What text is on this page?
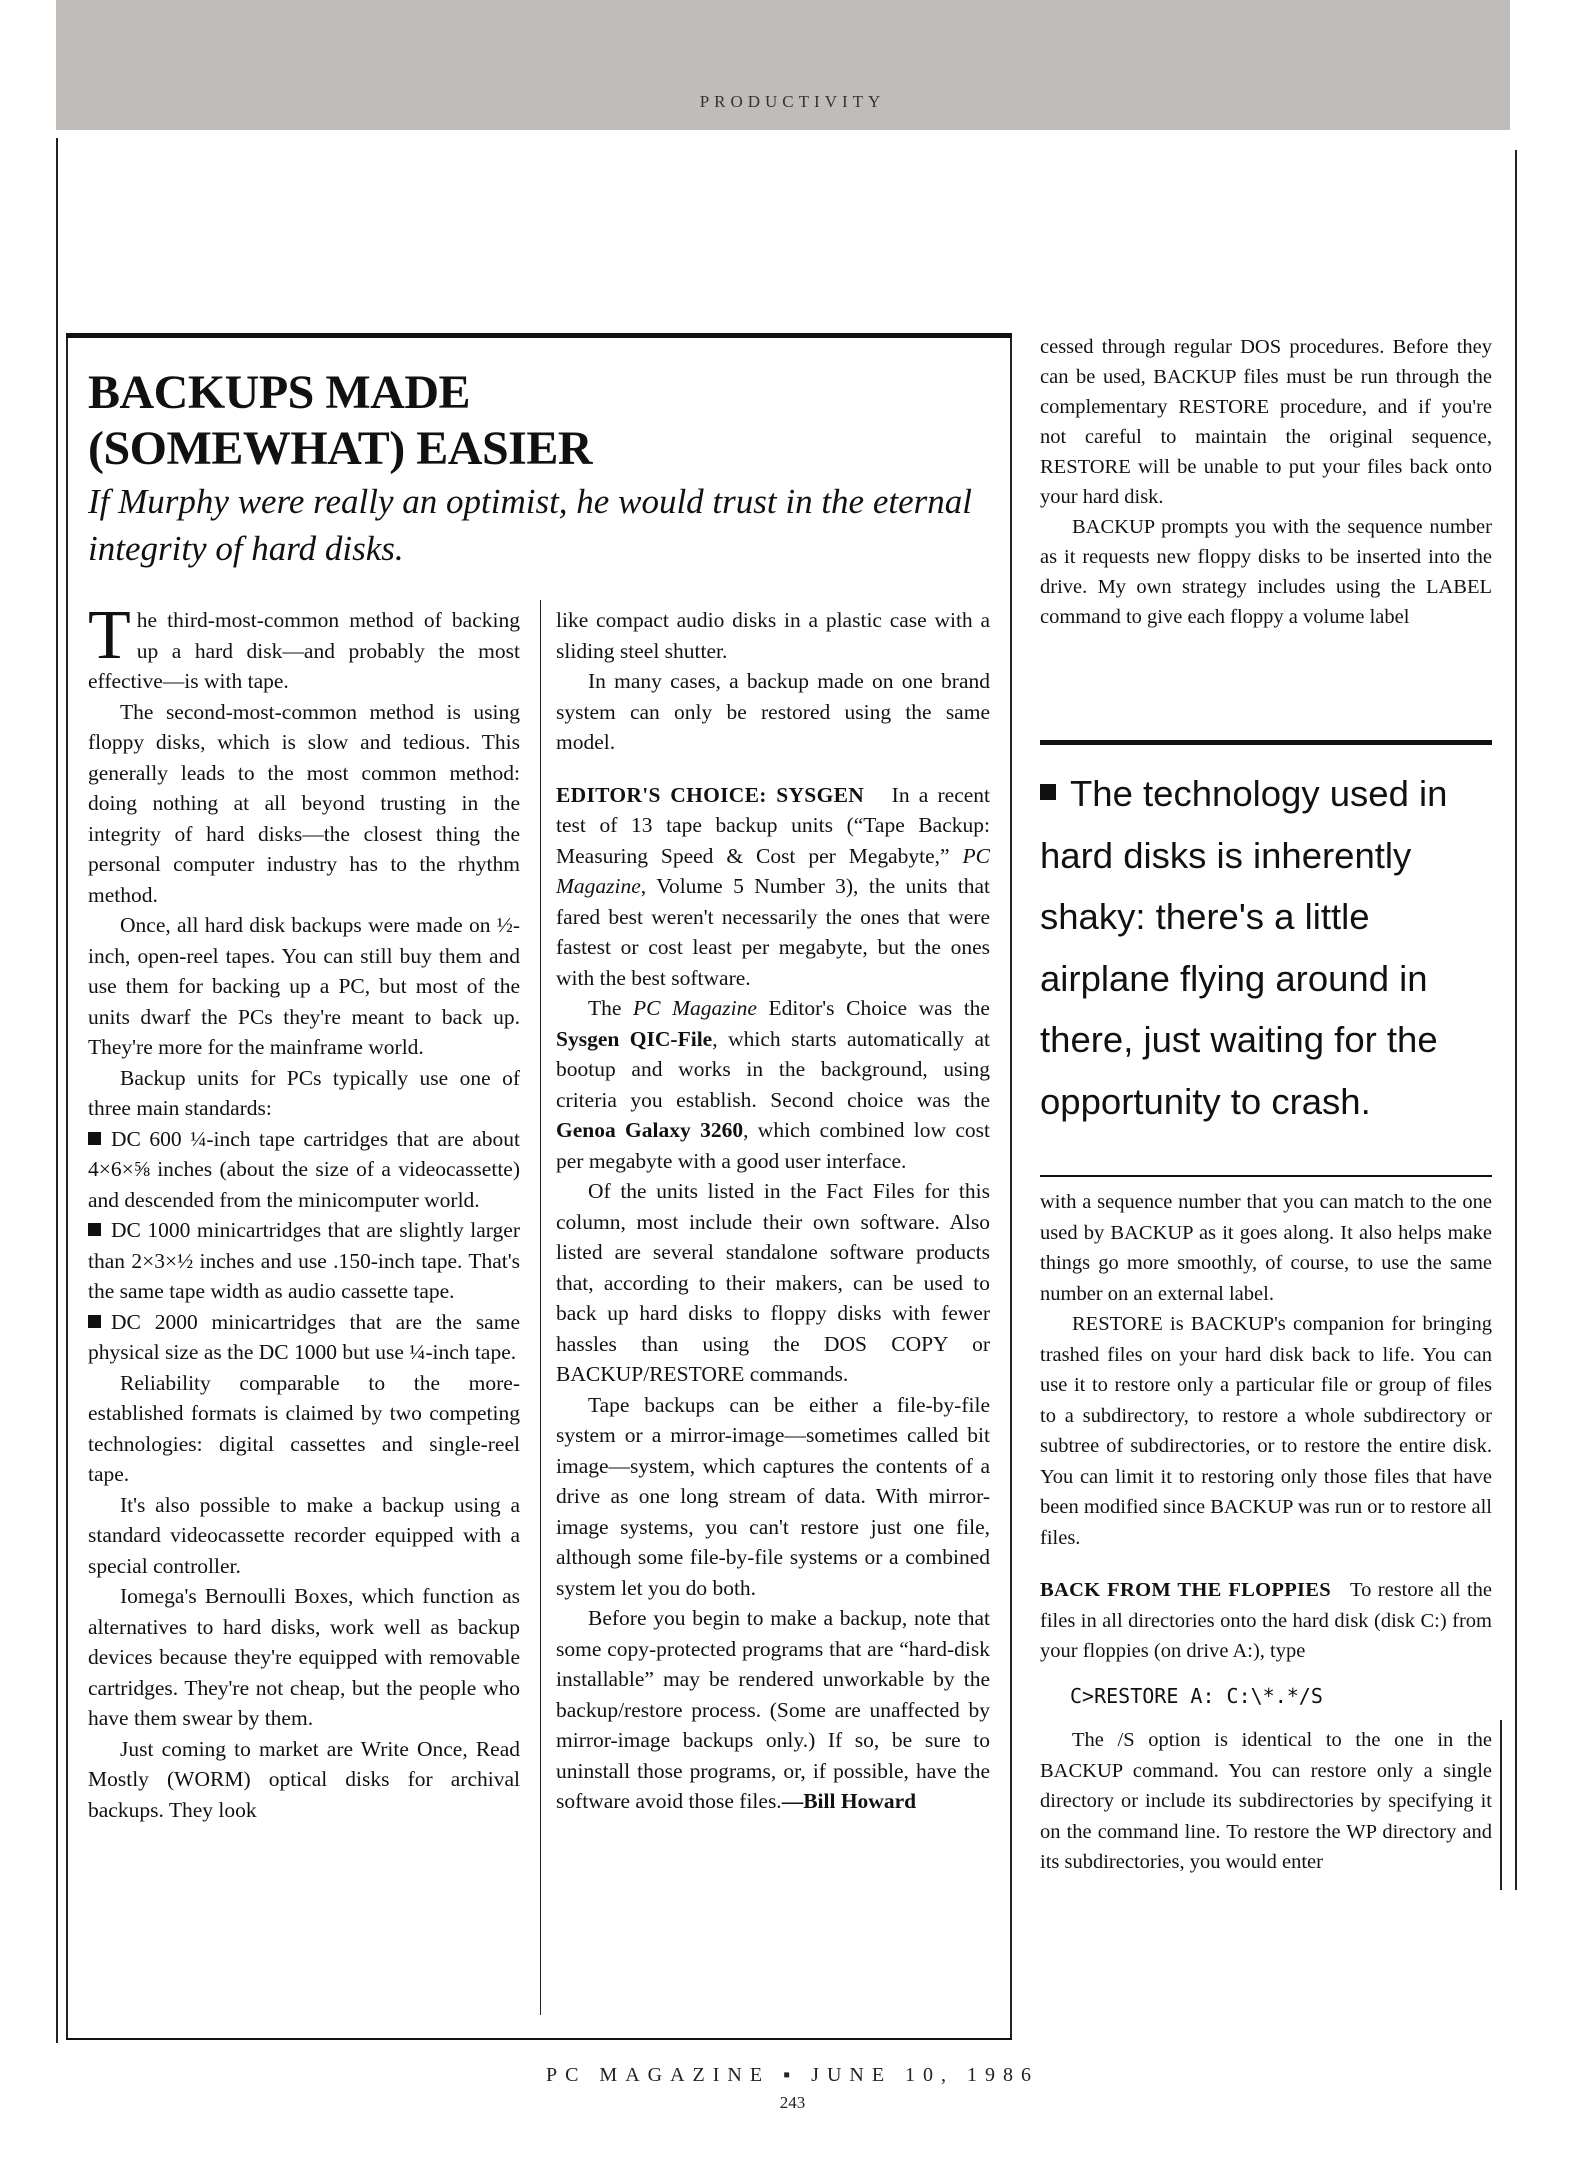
PRODUCTIVITY
BACKUPS MADE
(SOMEWHAT) EASIER
If Murphy were really an optimist, he would trust in the eternal integrity of hard disks.

The third-most-common method of backing up a hard disk—and probably the most effective—is with tape.

The second-most-common method is using floppy disks, which is slow and tedious. This generally leads to the most common method: doing nothing at all beyond trusting in the integrity of hard disks—the closest thing the personal computer industry has to the rhythm method.

Once, all hard disk backups were made on ½-inch, open-reel tapes. You can still buy them and use them for backing up a PC, but most of the units dwarf the PCs they're meant to back up. They're more for the mainframe world.

Backup units for PCs typically use one of three main standards:

DC 600 ¼-inch tape cartridges that are about 4×6×⅝ inches (about the size of a videocassette) and descended from the minicomputer world.

DC 1000 minicartridges that are slightly larger than 2×3×½ inches and use .150-inch tape. That's the same tape width as audio cassette tape.

DC 2000 minicartridges that are the same physical size as the DC 1000 but use ¼-inch tape.

Reliability comparable to the more-established formats is claimed by two competing technologies: digital cassettes and single-reel tape.

It's also possible to make a backup using a standard videocassette recorder equipped with a special controller.

Iomega's Bernoulli Boxes, which function as alternatives to hard disks, work well as backup devices because they're equipped with removable cartridges. They're not cheap, but the people who have them swear by them.

Just coming to market are Write Once, Read Mostly (WORM) optical disks for archival backups. They look

like compact audio disks in a plastic case with a sliding steel shutter.

In many cases, a backup made on one brand system can only be restored using the same model.

EDITOR'S CHOICE: SYSGEN In a recent test of 13 tape backup units (“Tape Backup: Measuring Speed & Cost per Megabyte,” PC Magazine, Volume 5 Number 3), the units that fared best weren't necessarily the ones that were fastest or cost least per megabyte, but the ones with the best software.

The PC Magazine Editor's Choice was the Sysgen QIC-File, which starts automatically at bootup and works in the background, using criteria you establish. Second choice was the Genoa Galaxy 3260, which combined low cost per megabyte with a good user interface.

Of the units listed in the Fact Files for this column, most include their own software. Also listed are several standalone software products that, according to their makers, can be used to back up hard disks to floppy disks with fewer hassles than using the DOS COPY or BACKUP/RESTORE commands.

Tape backups can be either a file-by-file system or a mirror-image—sometimes called bit image—system, which captures the contents of a drive as one long stream of data. With mirror-image systems, you can't restore just one file, although some file-by-file systems or a combined system let you do both.

Before you begin to make a backup, note that some copy-protected programs that are “hard-disk installable” may be rendered unworkable by the backup/restore process. (Some are unaffected by mirror-image backups only.) If so, be sure to uninstall those programs, or, if possible, have the software avoid those files.—Bill Howard

cessed through regular DOS procedures. Before they can be used, BACKUP files must be run through the complementary RESTORE procedure, and if you're not careful to maintain the original sequence, RESTORE will be unable to put your files back onto your hard disk.

BACKUP prompts you with the sequence number as it requests new floppy disks to be inserted into the drive. My own strategy includes using the LABEL command to give each floppy a volume label

The technology used in hard disks is inherently shaky: there's a little airplane flying around in there, just waiting for the opportunity to crash.

with a sequence number that you can match to the one used by BACKUP as it goes along. It also helps make things go more smoothly, of course, to use the same number on an external label.

RESTORE is BACKUP's companion for bringing trashed files on your hard disk back to life. You can use it to restore only a particular file or group of files to a subdirectory, to restore a whole subdirectory or subtree of subdirectories, or to restore the entire disk. You can limit it to restoring only those files that have been modified since BACKUP was run or to restore all files.

BACK FROM THE FLOPPIES To restore all the files in all directories onto the hard disk (disk C:) from your floppies (on drive A:), type

C>RESTORE A: C:\*.*/S

The /S option is identical to the one in the BACKUP command. You can restore only a single directory or include its subdirectories by specifying it on the command line. To restore the WP directory and its subdirectories, you would enter

PC MAGAZINE ▪ JUNE 10, 1986
243
